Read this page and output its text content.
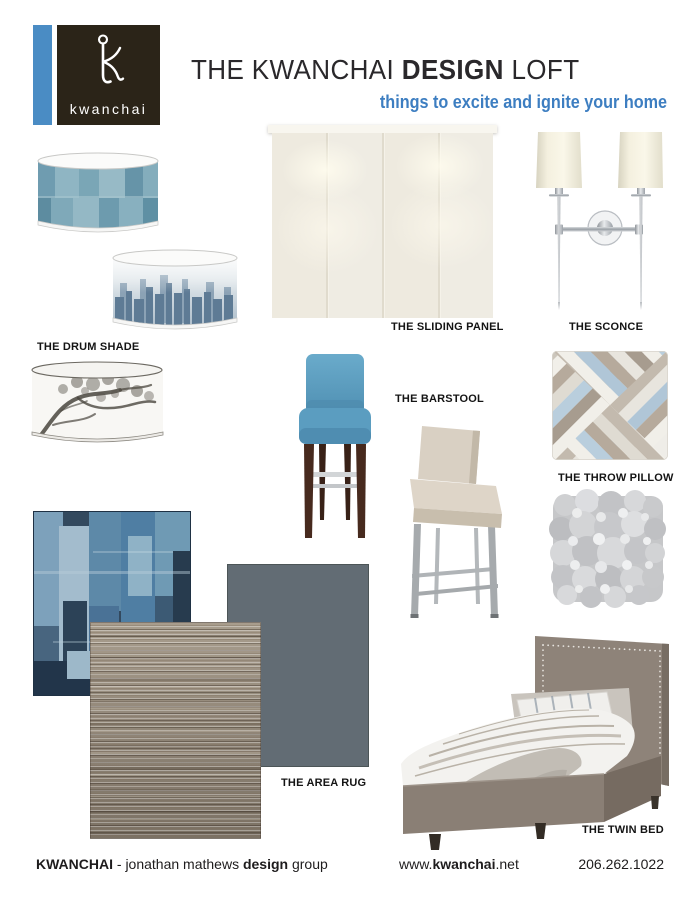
kwanchai
THE KWANCHAI DESIGN LOFT
things to excite and ignite your home
THE DRUM SHADE
THE SLIDING PANEL	THE SCONCE
THE BARSTOOL
THE THROW PILLOW
THE AREA RUG
THE TWIN BED
KWANCHAI - jonathan mathews design group	www.kwanchai.net	206.262.1022
